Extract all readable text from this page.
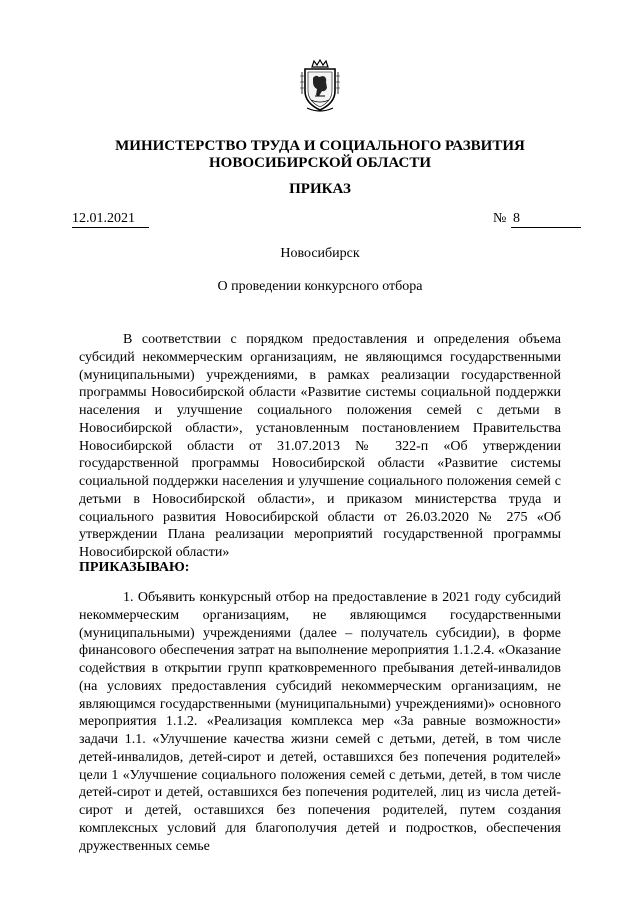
МИНИСТЕРСТВО ТРУДА И СОЦИАЛЬНОГО РАЗВИТИЯ
НОВОСИБИРСКОЙ ОБЛАСТИ
ПРИКАЗ
12.01.2021	№ 8
Новосибирск
О проведении конкурсного отбора

В соответствии с порядком предоставления и определения объема субсидий некоммерческим организациям, не являющимся государственными (муниципальными) учреждениями, в рамках реализации государственной программы Новосибирской области «Развитие системы социальной поддержки населения и улучшение социального положения семей с детьми в Новосибирской области», установленным постановлением Правительства Новосибирской области от 31.07.2013 № 322-п «Об утверждении государственной программы Новосибирской области «Развитие системы социальной поддержки населения и улучшение социального положения семей с детьми в Новосибирской области», и приказом министерства труда и социального развития Новосибирской области от 26.03.2020 № 275 «Об утверждении Плана реализации мероприятий государственной программы Новосибирской области»

ПРИКАЗЫВАЮ:

1. Объявить конкурсный отбор на предоставление в 2021 году субсидий некоммерческим организациям, не являющимся государственными (муниципальными) учреждениями (далее – получатель субсидии), в форме финансового обеспечения затрат на выполнение мероприятия 1.1.2.4. «Оказание содействия в открытии групп кратковременного пребывания детей-инвалидов (на условиях предоставления субсидий некоммерческим организациям, не являющимся государственными (муниципальными) учреждениями)» основного мероприятия 1.1.2. «Реализация комплекса мер «За равные возможности» задачи 1.1. «Улучшение качества жизни семей с детьми, детей, в том числе детей-инвалидов, детей-сирот и детей, оставшихся без попечения родителей» цели 1 «Улучшение социального положения семей с детьми, детей, в том числе детей-сирот и детей, оставшихся без попечения родителей, лиц из числа детей-сирот и детей, оставшихся без попечения родителей, путем создания комплексных условий для благополучия детей и подростков, обеспечения дружественных семье
